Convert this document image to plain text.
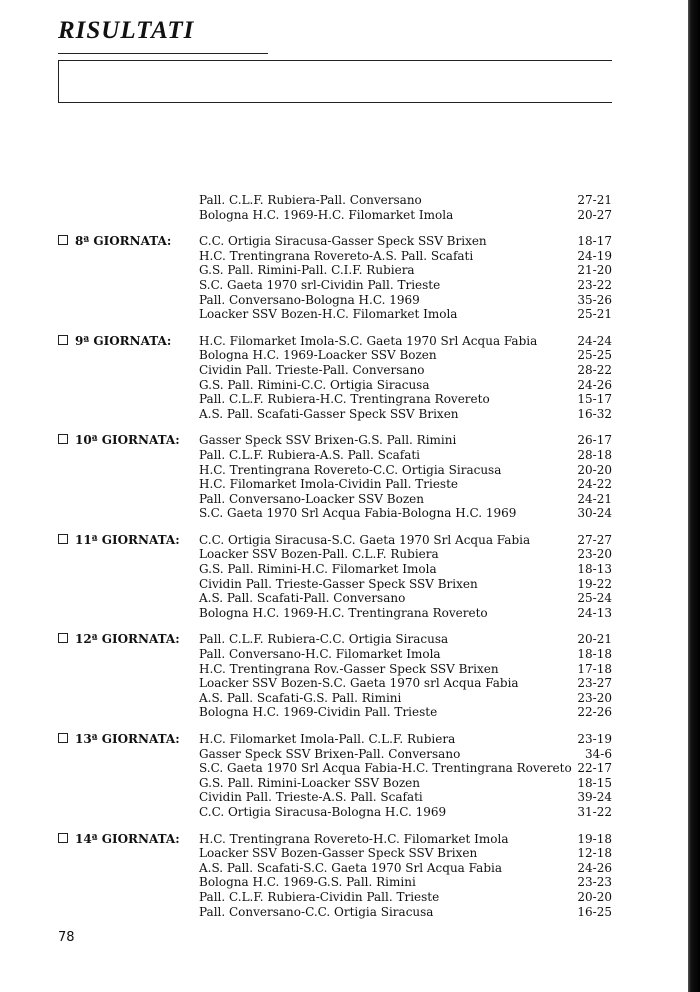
RISULTATI
Pall. C.L.F. Rubiera-Pall. Conversano	27-21
Bologna H.C. 1969-H.C. Filomarket Imola	20-27
8ª GIORNATA: C.C. Ortigia Siracusa-Gasser Speck SSV Brixen	18-17
H.C. Trentingrana Rovereto-A.S. Pall. Scafati	24-19
G.S. Pall. Rimini-Pall. C.I.F. Rubiera	21-20
S.C. Gaeta 1970 srl-Cividin Pall. Trieste	23-22
Pall. Conversano-Bologna H.C. 1969	35-26
Loacker SSV Bozen-H.C. Filomarket Imola	25-21
9ª GIORNATA: H.C. Filomarket Imola-S.C. Gaeta 1970 Srl Acqua Fabia	24-24
Bologna H.C. 1969-Loacker SSV Bozen	25-25
Cividin Pall. Trieste-Pall. Conversano	28-22
G.S. Pall. Rimini-C.C. Ortigia Siracusa	24-26
Pall. C.L.F. Rubiera-H.C. Trentingrana Rovereto	15-17
A.S. Pall. Scafati-Gasser Speck SSV Brixen	16-32
10ª GIORNATA: Gasser Speck SSV Brixen-G.S. Pall. Rimini	26-17
Pall. C.L.F. Rubiera-A.S. Pall. Scafati	28-18
H.C. Trentingrana Rovereto-C.C. Ortigia Siracusa	20-20
H.C. Filomarket Imola-Cividin Pall. Trieste	24-22
Pall. Conversano-Loacker SSV Bozen	24-21
S.C. Gaeta 1970 Srl Acqua Fabia-Bologna H.C. 1969	30-24
11ª GIORNATA: C.C. Ortigia Siracusa-S.C. Gaeta 1970 Srl Acqua Fabia	27-27
Loacker SSV Bozen-Pall. C.L.F. Rubiera	23-20
G.S. Pall. Rimini-H.C. Filomarket Imola	18-13
Cividin Pall. Trieste-Gasser Speck SSV Brixen	19-22
A.S. Pall. Scafati-Pall. Conversano	25-24
Bologna H.C. 1969-H.C. Trentingrana Rovereto	24-13
12ª GIORNATA: Pall. C.L.F. Rubiera-C.C. Ortigia Siracusa	20-21
Pall. Conversano-H.C. Filomarket Imola	18-18
H.C. Trentingrana Rov.-Gasser Speck SSV Brixen	17-18
Loacker SSV Bozen-S.C. Gaeta 1970 srl Acqua Fabia	23-27
A.S. Pall. Scafati-G.S. Pall. Rimini	23-20
Bologna H.C. 1969-Cividin Pall. Trieste	22-26
13ª GIORNATA: H.C. Filomarket Imola-Pall. C.L.F. Rubiera	23-19
Gasser Speck SSV Brixen-Pall. Conversano	34-6
S.C. Gaeta 1970 Srl Acqua Fabia-H.C. Trentingrana Rovereto 22-17
G.S. Pall. Rimini-Loacker SSV Bozen	18-15
Cividin Pall. Trieste-A.S. Pall. Scafati	39-24
C.C. Ortigia Siracusa-Bologna H.C. 1969	31-22
14ª GIORNATA: H.C. Trentingrana Rovereto-H.C. Filomarket Imola	19-18
Loacker SSV Bozen-Gasser Speck SSV Brixen	12-18
A.S. Pall. Scafati-S.C. Gaeta 1970 Srl Acqua Fabia	24-26
Bologna H.C. 1969-G.S. Pall. Rimini	23-23
Pall. C.L.F. Rubiera-Cividin Pall. Trieste	20-20
Pall. Conversano-C.C. Ortigia Siracusa	16-25
78
